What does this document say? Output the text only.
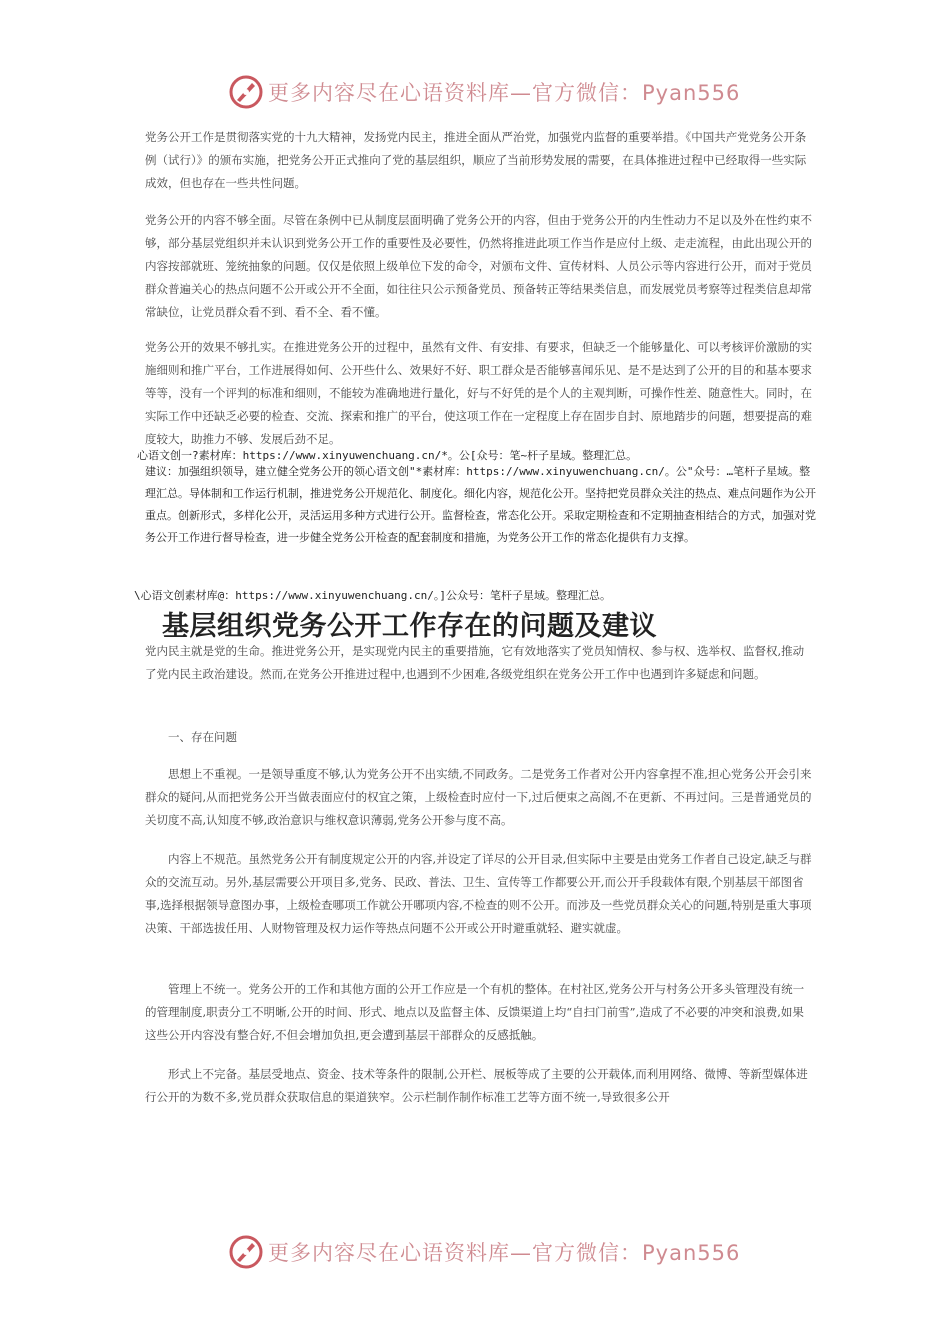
更多内容尽在心语资料库—官方微信：Pyan556

党务公开工作是贯彻落实党的十九大精神，发扬党内民主，推进全面从严治党，加强党内监督的重要举措。《中国共产党党务公开条例（试行）》的颁布实施，把党务公开正式推向了党的基层组织，顺应了当前形势发展的需要，在具体推进过程中已经取得一些实际成效，但也存在一些共性问题。

党务公开的内容不够全面。尽管在条例中已从制度层面明确了党务公开的内容，但由于党务公开的内生性动力不足以及外在性约束不够，部分基层党组织并未认识到党务公开工作的重要性及必要性，仍然将推进此项工作当作是应付上级、走走流程，由此出现公开的内容按部就班、笼统抽象的问题。仅仅是依照上级单位下发的命令，对颁布文件、宣传材料、人员公示等内容进行公开，而对于党员群众普遍关心的热点问题不公开或公开不全面，如往往只公示预备党员、预备转正等结果类信息，而发展党员考察等过程类信息却常常缺位，让党员群众看不到、看不全、看不懂。

党务公开的效果不够扎实。在推进党务公开的过程中，虽然有文件、有安排、有要求，但缺乏一个能够量化、可以考核评价激励的实施细则和推广平台，工作进展得如何、公开些什么、效果好不好、职工群众是否能够喜闻乐见、是不是达到了公开的目的和基本要求等等，没有一个评判的标准和细则，不能较为准确地进行量化，好与不好凭的是个人的主观判断，可操作性差、随意性大。同时，在实际工作中还缺乏必要的检查、交流、探索和推广的平台，使这项工作在一定程度上存在固步自封、原地踏步的问题，想要提高的难度较大，助推力不够、发展后劲不足。

心语文创一?素材库：https://www.xinyuwenchuang.cn/*。公[众号：笔~杆子星域。整理汇总。

建议：加强组织领导，建立健全党务公开的领心语文创"*素材库：https://www.xinyuwenchuang.cn/。公"众号：…笔杆子星域。整理汇总。导体制和工作运行机制，推进党务公开规范化、制度化。细化内容，规范化公开。坚持把党员群众关注的热点、难点问题作为公开重点。创新形式，多样化公开，灵活运用多种方式进行公开。监督检查，常态化公开。采取定期检查和不定期抽查相结合的方式，加强对党务公开工作进行督导检查，进一步健全党务公开检查的配套制度和措施，为党务公开工作的常态化提供有力支撑。

\心语文创素材库@：https://www.xinyuwenchuang.cn/。]公众号：笔杆子星域。整理汇总。

基层组织党务公开工作存在的问题及建议

党内民主就是党的生命。推进党务公开，是实现党内民主的重要措施，它有效地落实了党员知情权、参与权、选举权、监督权,推动了党内民主政治建设。然而,在党务公开推进过程中,也遇到不少困难,各级党组织在党务公开工作中也遇到许多疑虑和问题。

一、存在问题

思想上不重视。一是领导重度不够,认为党务公开不出实绩,不同政务。二是党务工作者对公开内容拿捏不准,担心党务公开会引来群众的疑问,从而把党务公开当做表面应付的权宜之策，上级检查时应付一下,过后便束之高阁,不在更新、不再过问。三是普通党员的关切度不高,认知度不够,政治意识与维权意识薄弱,党务公开参与度不高。

内容上不规范。虽然党务公开有制度规定公开的内容,并设定了详尽的公开目录,但实际中主要是由党务工作者自己设定,缺乏与群众的交流互动。另外,基层需要公开项目多,党务、民政、普法、卫生、宣传等工作都要公开,而公开手段载体有限,个别基层干部图省事,选择根据领导意图办事，上级检查哪项工作就公开哪项内容,不检查的则不公开。而涉及一些党员群众关心的问题,特别是重大事项决策、干部选拔任用、人财物管理及权力运作等热点问题不公开或公开时避重就轻、避实就虚。

管理上不统一。党务公开的工作和其他方面的公开工作应是一个有机的整体。在村社区,党务公开与村务公开多头管理没有统一的管理制度,职责分工不明晰,公开的时间、形式、地点以及监督主体、反馈渠道上均“自扫门前雪”,造成了不必要的冲突和浪费,如果这些公开内容没有整合好,不但会增加负担,更会遭到基层干部群众的反感抵触。

形式上不完备。基层受地点、资金、技术等条件的限制,公开栏、展板等成了主要的公开载体,而利用网络、微博、等新型媒体进行公开的为数不多,党员群众获取信息的渠道狭窄。公示栏制作制作标准工艺等方面不统一,导致很多公开

更多内容尽在心语资料库—官方微信：Pyan556
